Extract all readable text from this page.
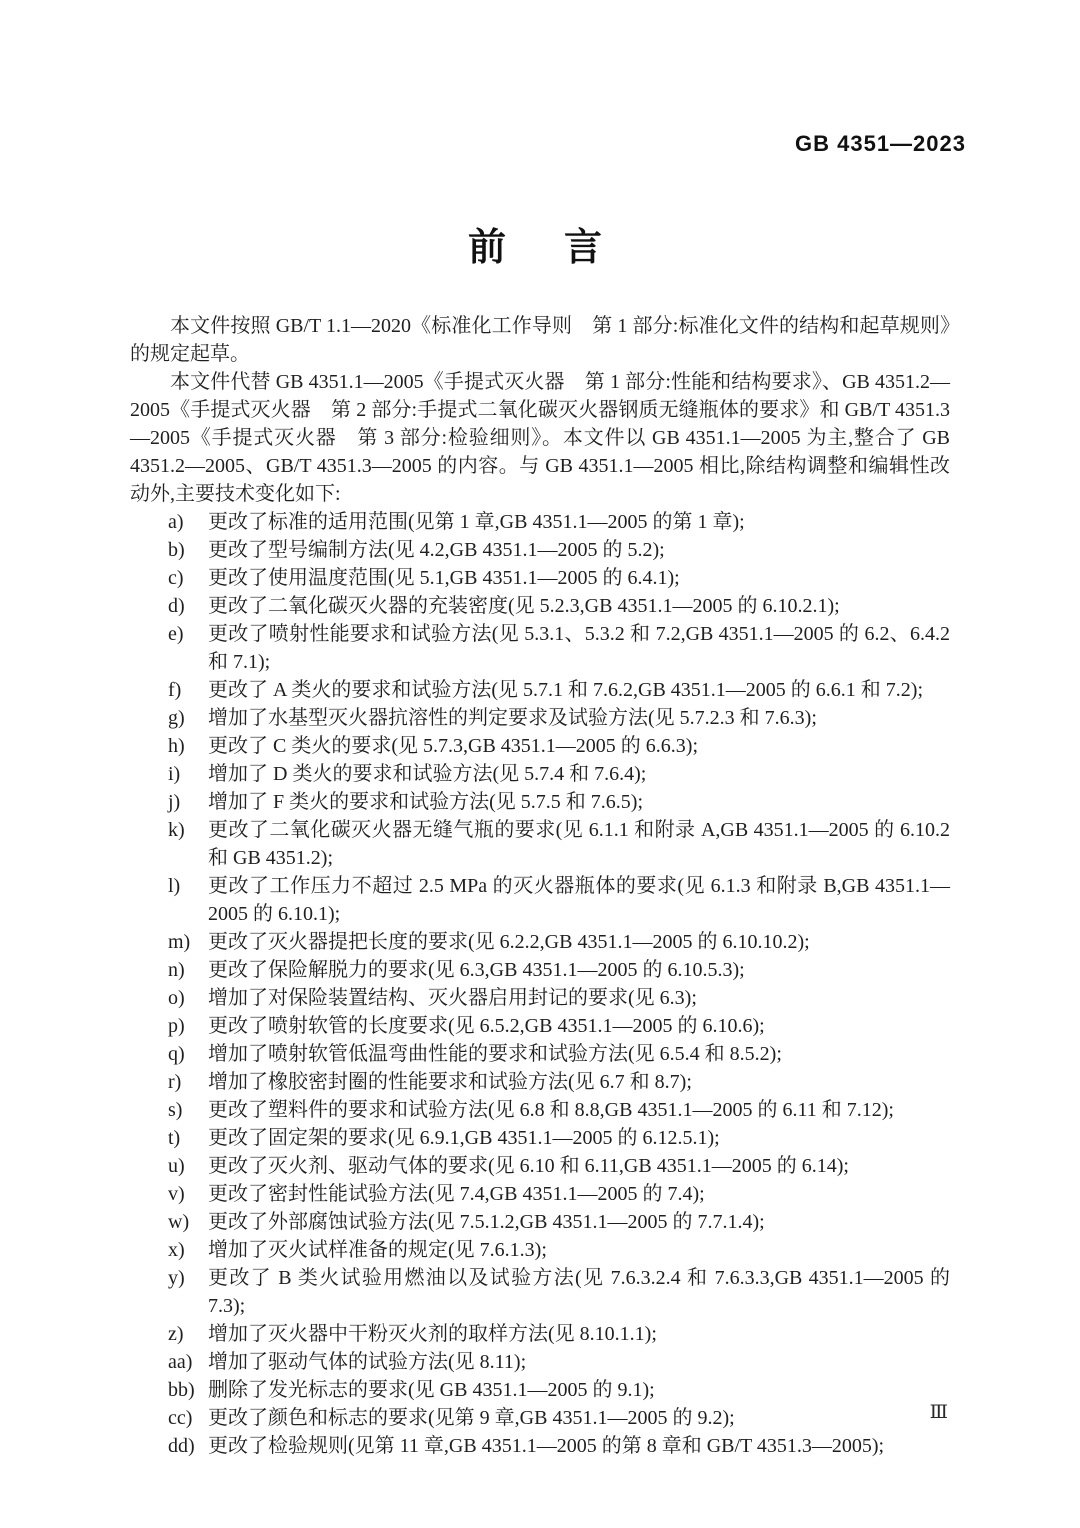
GB 4351—2023
前　言

本文件按照 GB/T 1.1—2020《标准化工作导则　第 1 部分:标准化文件的结构和起草规则》的规定起草。

本文件代替 GB 4351.1—2005《手提式灭火器　第 1 部分:性能和结构要求》、GB 4351.2—2005《手提式灭火器　第 2 部分:手提式二氧化碳灭火器钢质无缝瓶体的要求》和 GB/T 4351.3—2005《手提式灭火器　第 3 部分:检验细则》。本文件以 GB 4351.1—2005 为主,整合了 GB 4351.2—2005、GB/T 4351.3—2005 的内容。与 GB 4351.1—2005 相比,除结构调整和编辑性改动外,主要技术变化如下:

a)	更改了标准的适用范围(见第 1 章,GB 4351.1—2005 的第 1 章);
b)	更改了型号编制方法(见 4.2,GB 4351.1—2005 的 5.2);
c)	更改了使用温度范围(见 5.1,GB 4351.1—2005 的 6.4.1);
d)	更改了二氧化碳灭火器的充装密度(见 5.2.3,GB 4351.1—2005 的 6.10.2.1);
e)	更改了喷射性能要求和试验方法(见 5.3.1、5.3.2 和 7.2,GB 4351.1—2005 的 6.2、6.4.2 和 7.1);
f)	更改了 A 类火的要求和试验方法(见 5.7.1 和 7.6.2,GB 4351.1—2005 的 6.6.1 和 7.2);
g)	增加了水基型灭火器抗溶性的判定要求及试验方法(见 5.7.2.3 和 7.6.3);
h)	更改了 C 类火的要求(见 5.7.3,GB 4351.1—2005 的 6.6.3);
i)	增加了 D 类火的要求和试验方法(见 5.7.4 和 7.6.4);
j)	增加了 F 类火的要求和试验方法(见 5.7.5 和 7.6.5);
k)	更改了二氧化碳灭火器无缝气瓶的要求(见 6.1.1 和附录 A,GB 4351.1—2005 的 6.10.2 和 GB 4351.2);
l)	更改了工作压力不超过 2.5 MPa 的灭火器瓶体的要求(见 6.1.3 和附录 B,GB 4351.1—2005 的 6.10.1);
m) 更改了灭火器提把长度的要求(见 6.2.2,GB 4351.1—2005 的 6.10.10.2);
n)	更改了保险解脱力的要求(见 6.3,GB 4351.1—2005 的 6.10.5.3);
o)	增加了对保险装置结构、灭火器启用封记的要求(见 6.3);
p)	更改了喷射软管的长度要求(见 6.5.2,GB 4351.1—2005 的 6.10.6);
q)	增加了喷射软管低温弯曲性能的要求和试验方法(见 6.5.4 和 8.5.2);
r)	增加了橡胶密封圈的性能要求和试验方法(见 6.7 和 8.7);
s)	更改了塑料件的要求和试验方法(见 6.8 和 8.8,GB 4351.1—2005 的 6.11 和 7.12);
t)	更改了固定架的要求(见 6.9.1,GB 4351.1—2005 的 6.12.5.1);
u)	更改了灭火剂、驱动气体的要求(见 6.10 和 6.11,GB 4351.1—2005 的 6.14);
v)	更改了密封性能试验方法(见 7.4,GB 4351.1—2005 的 7.4);
w) 更改了外部腐蚀试验方法(见 7.5.1.2,GB 4351.1—2005 的 7.7.1.4);
x)	增加了灭火试样准备的规定(见 7.6.1.3);
y)	更改了 B 类火试验用燃油以及试验方法(见 7.6.3.2.4 和 7.6.3.3,GB 4351.1—2005 的 7.3);
z)	增加了灭火器中干粉灭火剂的取样方法(见 8.10.1.1);
aa) 增加了驱动气体的试验方法(见 8.11);
bb) 删除了发光标志的要求(见 GB 4351.1—2005 的 9.1);
cc) 更改了颜色和标志的要求(见第 9 章,GB 4351.1—2005 的 9.2);
dd) 更改了检验规则(见第 11 章,GB 4351.1—2005 的第 8 章和 GB/T 4351.3—2005);
Ⅲ
